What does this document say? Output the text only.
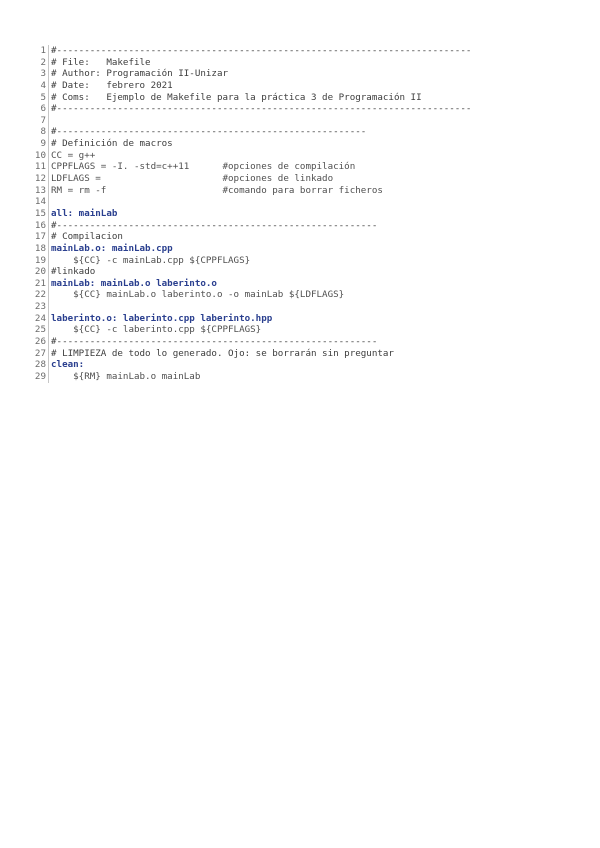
1 #---------------------------------------------------------------------------
2 # File:   Makefile
3 # Author: Programación II-Unizar
4 # Date:   febrero 2021
5 # Coms:   Ejemplo de Makefile para la práctica 3 de Programación II
6 #---------------------------------------------------------------------------
7
8 #--------------------------------------------------------
9 # Definición de macros
10 CC = g++
11 CPPFLAGS = -I. -std=c++11      #opciones de compilación
12 LDFLAGS =                      #opciones de linkado
13 RM = rm -f                     #comando para borrar ficheros
14
15 all: mainLab
16 #----------------------------------------------------------
17 # Compilacion
18 mainLab.o: mainLab.cpp
19 ${CC} -c mainLab.cpp ${CPPFLAGS}
20 #linkado
21 mainLab: mainLab.o laberinto.o
22 ${CC} mainLab.o laberinto.o -o mainLab ${LDFLAGS}
23
24 laberinto.o: laberinto.cpp laberinto.hpp
25 ${CC} -c laberinto.cpp ${CPPFLAGS}
26 #----------------------------------------------------------
27 # LIMPIEZA de todo lo generado. Ojo: se borrarán sin preguntar
28 clean:
29 ${RM} mainLab.o mainLab
